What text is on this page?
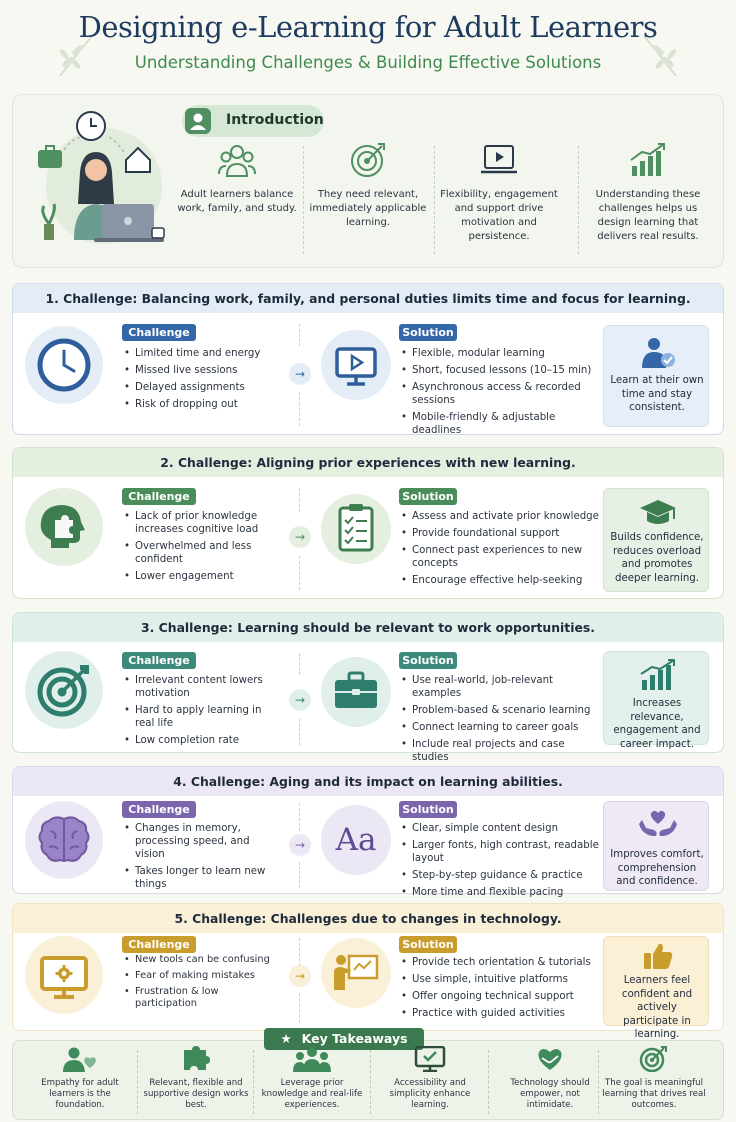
Designing e-Learning for Adult Learners
Understanding Challenges & Building Effective Solutions
Introduction

Adult learners balance work, family, and study.

They need relevant, immediately applicable learning.

Flexibility, engagement and support drive motivation and persistence.

Understanding these challenges helps us design learning that delivers real results.

1. Challenge: Balancing work, family, and personal duties limits time and focus for learning.
Challenge
• Limited time and energy
• Missed live sessions
• Delayed assignments
• Risk of dropping out
→
Solution
• Flexible, modular learning
• Short, focused lessons (10–15 min)
• Asynchronous access & recorded sessions
• Mobile-friendly & adjustable deadlines

Learn at their own time and stay consistent.

2. Challenge: Aligning prior experiences with new learning.
Challenge
• Lack of prior knowledge increases cognitive load
• Overwhelmed and less confident
• Lower engagement
→
Solution
• Assess and activate prior knowledge
• Provide foundational support
• Connect past experiences to new concepts
• Encourage effective help-seeking

Builds confidence, reduces overload and promotes deeper learning.

3. Challenge: Learning should be relevant to work opportunities.
Challenge
• Irrelevant content lowers motivation
• Hard to apply learning in real life
• Low completion rate
→
Solution
• Use real-world, job-relevant examples
• Problem-based & scenario learning
• Connect learning to career goals
• Include real projects and case studies

Increases relevance, engagement and career impact.

4. Challenge: Aging and its impact on learning abilities.
Challenge
• Changes in memory, processing speed, and vision
• Takes longer to learn new things
→ Aa
Solution
• Clear, simple content design
• Larger fonts, high contrast, readable layout
• Step-by-step guidance & practice
• More time and flexible pacing

Improves comfort, comprehension and confidence.

5. Challenge: Challenges due to changes in technology.
Challenge
• New tools can be confusing
• Fear of making mistakes
• Frustration & low participation
→
Solution
• Provide tech orientation & tutorials
• Use simple, intuitive platforms
• Offer ongoing technical support
• Practice with guided activities

Learners feel confident and actively participate in learning.

★ Key Takeaways

Empathy for adult learners is the foundation.

Relevant, flexible and supportive design works best.

Leverage prior knowledge and real-life experiences.

Accessibility and simplicity enhance learning.

Technology should empower, not intimidate.

The goal is meaningful learning that drives real outcomes.
